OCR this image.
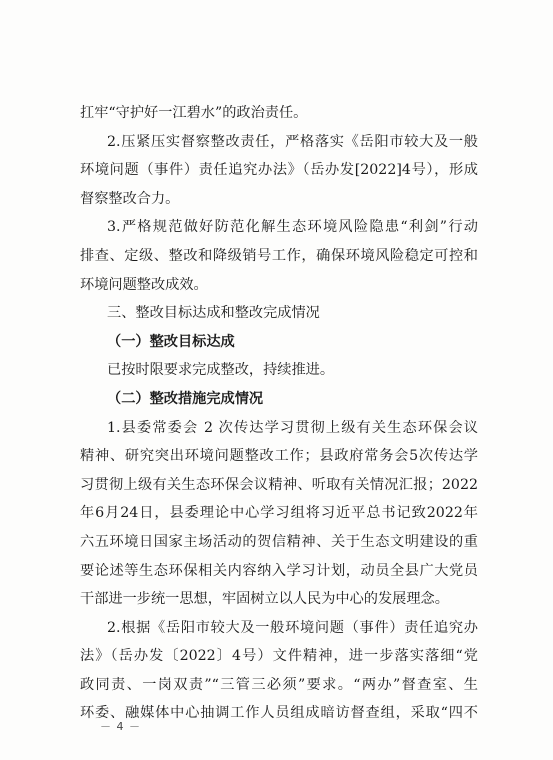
扛牢“守护好一江碧水”的政治责任。
2.压紧压实督察整改责任，严格落实《岳阳市较大及一般
环境问题（事件）责任追究办法》（岳办发[2022]4号），形成
督察整改合力。
3.严格规范做好防范化解生态环境风险隐患“利剑”行动
排查、定级、整改和降级销号工作，确保环境风险稳定可控和
环境问题整改成效。
三、整改目标达成和整改完成情况
（一）整改目标达成
已按时限要求完成整改，持续推进。
（二）整改措施完成情况
1.县委常委会 2 次传达学习贯彻上级有关生态环保会议
精神、研究突出环境问题整改工作；县政府常务会5次传达学
习贯彻上级有关生态环保会议精神、听取有关情况汇报；2022
年6月24日，县委理论中心学习组将习近平总书记致2022年
六五环境日国家主场活动的贺信精神、关于生态文明建设的重
要论述等生态环保相关内容纳入学习计划，动员全县广大党员
干部进一步统一思想，牢固树立以人民为中心的发展理念。
2.根据《岳阳市较大及一般环境问题（事件）责任追究办
法》（岳办发〔2022〕4号）文件精神，进一步落实落细“党
政同责、一岗双责”“三管三必须”要求。“两办”督查室、生
环委、融媒体中心抽调工作人员组成暗访督查组，采取“四不
－ 4 －
